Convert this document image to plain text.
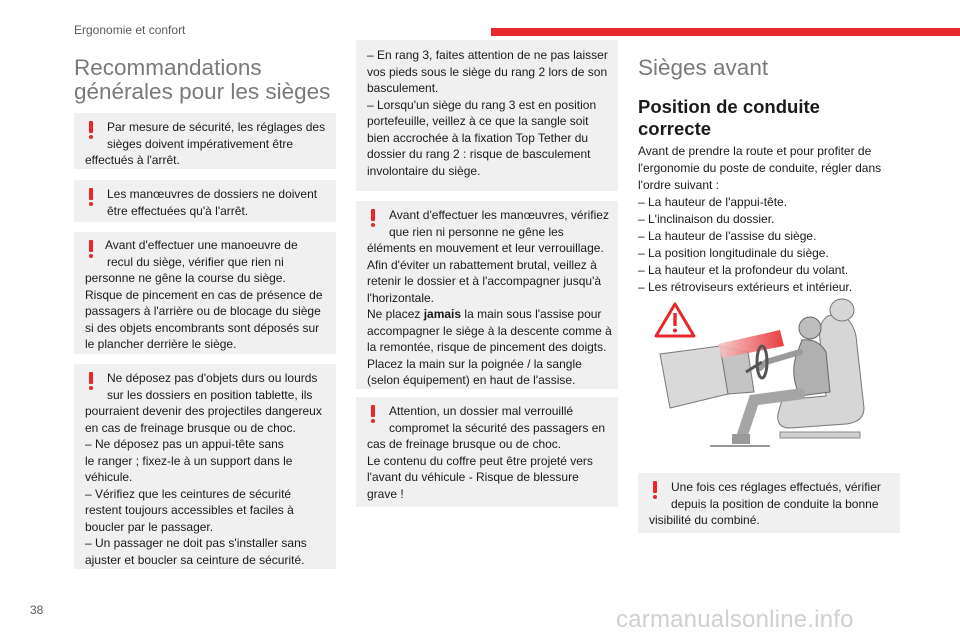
Ergonomie et confort
Recommandations
générales pour les sièges
Par mesure de sécurité, les réglages des
sièges doivent impérativement être
effectués à l'arrêt.
Les manœuvres de dossiers ne doivent
être effectuées qu'à l'arrêt.
Avant d'effectuer une manoeuvre de
recul du siège, vérifier que rien ni
personne ne gêne la course du siège.
Risque de pincement en cas de présence de
passagers à l'arrière ou de blocage du siège
si des objets encombrants sont déposés sur
le plancher derrière le siège.
Ne déposez pas d'objets durs ou lourds
sur les dossiers en position tablette, ils
pourraient devenir des projectiles dangereux
en cas de freinage brusque ou de choc.
– Ne déposez pas un appui-tête sans
le ranger ; fixez-le à un support dans le
véhicule.
– Vérifiez que les ceintures de sécurité
restent toujours accessibles et faciles à
boucler par le passager.
– Un passager ne doit pas s'installer sans
ajuster et boucler sa ceinture de sécurité.
– En rang 3, faites attention de ne pas laisser
vos pieds sous le siège du rang 2 lors de son
basculement.
– Lorsqu'un siège du rang 3 est en position
portefeuille, veillez à ce que la sangle soit
bien accrochée à la fixation Top Tether du
dossier du rang 2 : risque de basculement
involontaire du siège.
Avant d'effectuer les manœuvres, vérifiez
que rien ni personne ne gêne les
éléments en mouvement et leur verrouillage.
Afin d'éviter un rabattement brutal, veillez à
retenir le dossier et à l'accompagner jusqu'à
l'horizontale.
Ne placez jamais la main sous l'assise pour
accompagner le siège à la descente comme à
la remontée, risque de pincement des doigts.
Placez la main sur la poignée / la sangle
(selon équipement) en haut de l'assise.
Attention, un dossier mal verrouillé
compromet la sécurité des passagers en
cas de freinage brusque ou de choc.
Le contenu du coffre peut être projeté vers
l'avant du véhicule - Risque de blessure
grave !
Sièges avant
Position de conduite
correcte
Avant de prendre la route et pour profiter de
l'ergonomie du poste de conduite, régler dans
l'ordre suivant :
– La hauteur de l'appui-tête.
– L'inclinaison du dossier.
– La hauteur de l'assise du siège.
– La position longitudinale du siège.
– La hauteur et la profondeur du volant.
– Les rétroviseurs extérieurs et intérieur.
Une fois ces réglages effectués, vérifier
depuis la position de conduite la bonne
visibilité du combiné.
38	carmanualsonline.info
